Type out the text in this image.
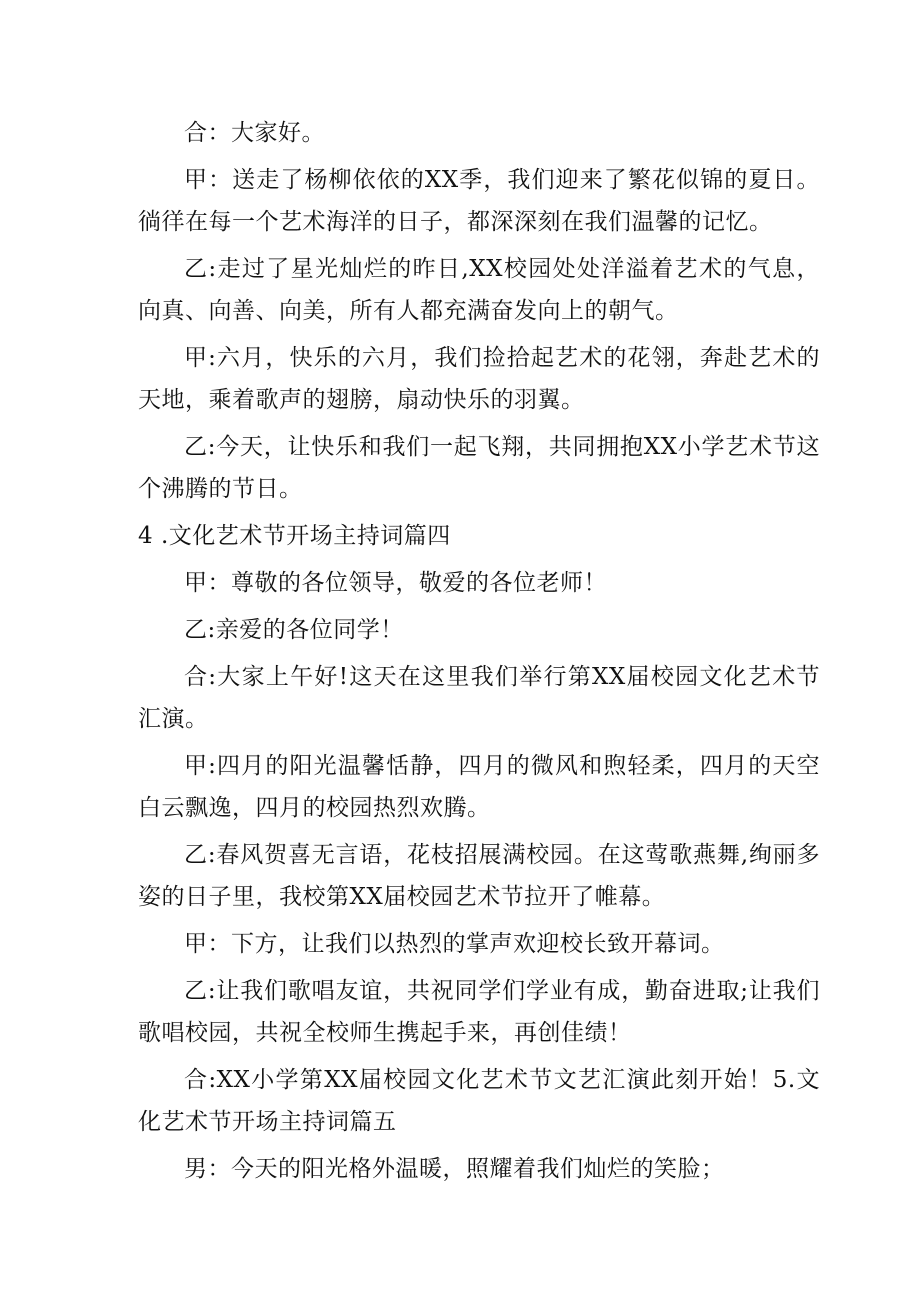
合：大家好。

甲：送走了杨柳依依的XX季，我们迎来了繁花似锦的夏日。徜徉在每一个艺术海洋的日子，都深深刻在我们温馨的记忆。

乙:走过了星光灿烂的昨日,XX校园处处洋溢着艺术的气息，向真、向善、向美，所有人都充满奋发向上的朝气。

甲:六月，快乐的六月，我们捡拾起艺术的花翎，奔赴艺术的天地，乘着歌声的翅膀，扇动快乐的羽翼。

乙:今天，让快乐和我们一起飞翔，共同拥抱XX小学艺术节这个沸腾的节日。

4 .文化艺术节开场主持词篇四

甲：尊敬的各位领导，敬爱的各位老师！

乙:亲爱的各位同学！

合:大家上午好!这天在这里我们举行第XX届校园文化艺术节汇演。

甲:四月的阳光温馨恬静，四月的微风和煦轻柔，四月的天空白云飘逸，四月的校园热烈欢腾。

乙:春风贺喜无言语，花枝招展满校园。在这莺歌燕舞,绚丽多姿的日子里，我校第XX届校园艺术节拉开了帷幕。

甲：下方，让我们以热烈的掌声欢迎校长致开幕词。

乙:让我们歌唱友谊，共祝同学们学业有成，勤奋进取;让我们歌唱校园，共祝全校师生携起手来，再创佳绩！

合:XX小学第XX届校园文化艺术节文艺汇演此刻开始！5.文化艺术节开场主持词篇五

男：今天的阳光格外温暖，照耀着我们灿烂的笑脸；
